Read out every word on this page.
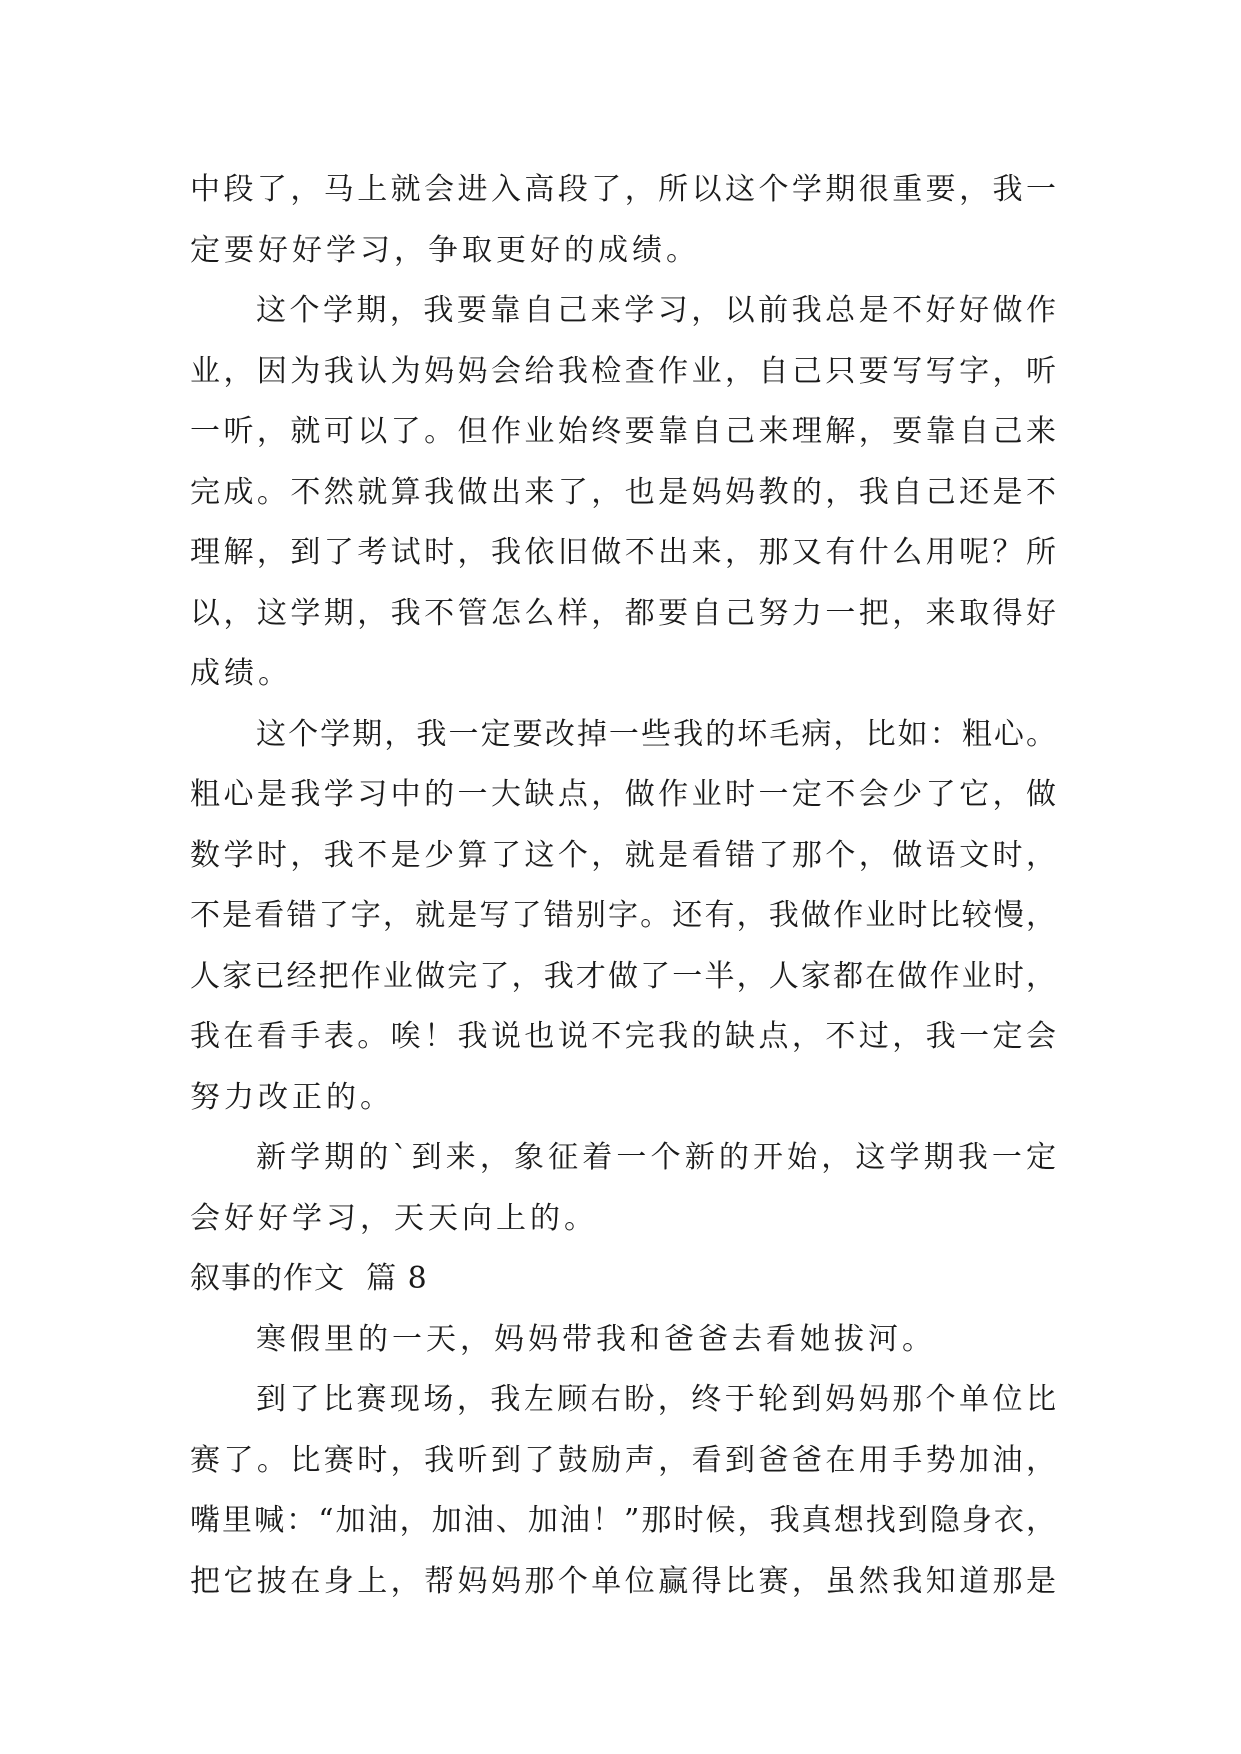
中段了，马上就会进入高段了，所以这个学期很重要，我一
定要好好学习，争取更好的成绩。
这个学期，我要靠自己来学习，以前我总是不好好做作
业，因为我认为妈妈会给我检查作业，自己只要写写字，听
一听，就可以了。但作业始终要靠自己来理解，要靠自己来
完成。不然就算我做出来了，也是妈妈教的，我自己还是不
理解，到了考试时，我依旧做不出来，那又有什么用呢？所
以，这学期，我不管怎么样，都要自己努力一把，来取得好
成绩。
这个学期，我一定要改掉一些我的坏毛病，比如：粗心。
粗心是我学习中的一大缺点，做作业时一定不会少了它，做
数学时，我不是少算了这个，就是看错了那个，做语文时，
不是看错了字，就是写了错别字。还有，我做作业时比较慢，
人家已经把作业做完了，我才做了一半，人家都在做作业时，
我在看手表。唉！我说也说不完我的缺点，不过，我一定会
努力改正的。
新学期的`到来，象征着一个新的开始，这学期我一定
会好好学习，天天向上的。
叙事的作文  篇 8
寒假里的一天，妈妈带我和爸爸去看她拔河。
到了比赛现场，我左顾右盼，终于轮到妈妈那个单位比
赛了。比赛时，我听到了鼓励声，看到爸爸在用手势加油，
嘴里喊：“加油，加油、加油！”那时候，我真想找到隐身衣，
把它披在身上，帮妈妈那个单位赢得比赛，虽然我知道那是
